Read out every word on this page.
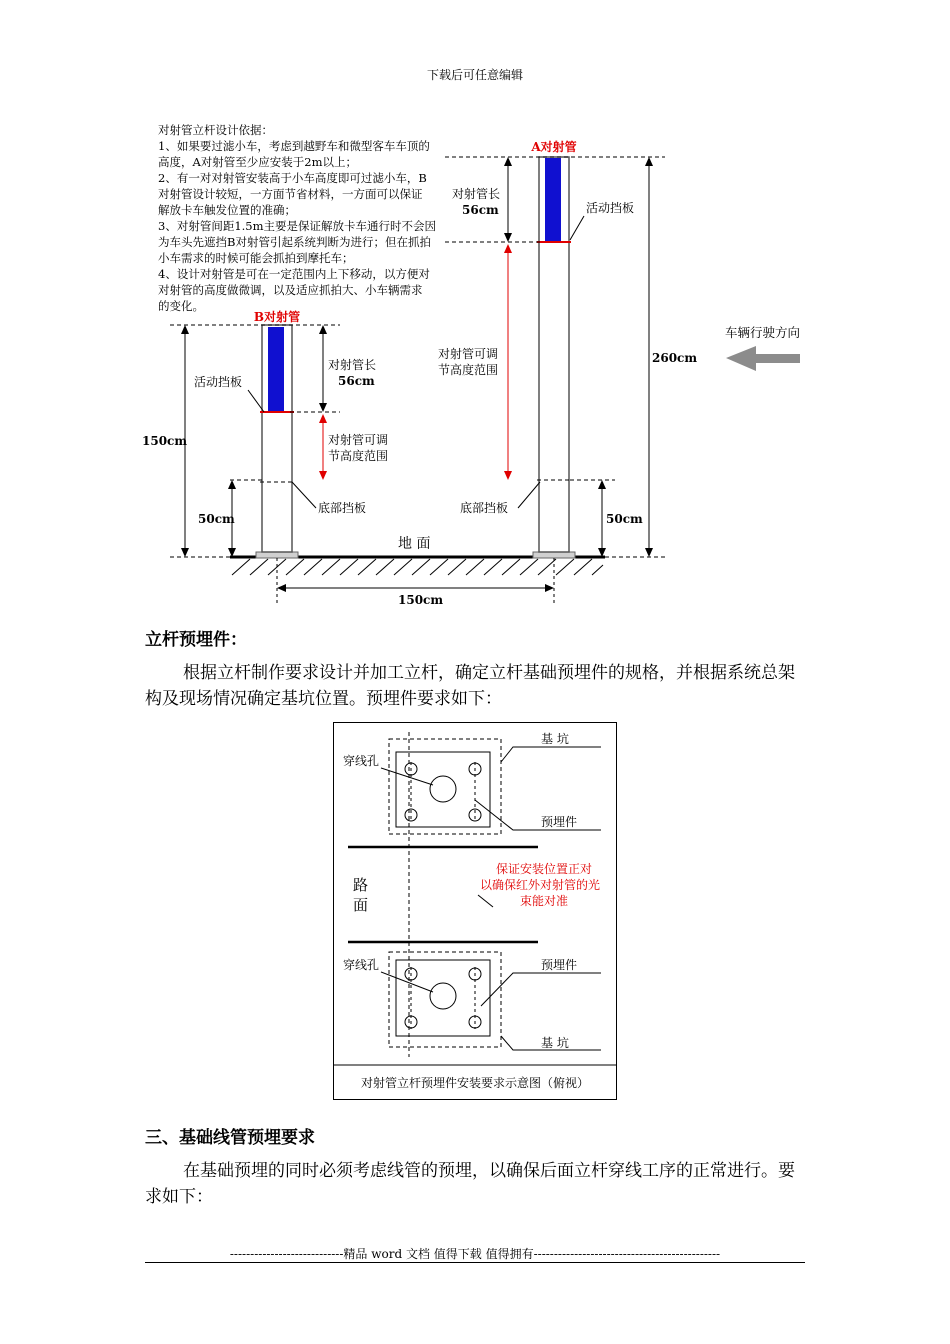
下载后可任意编辑
对射管立杆设计依据：
1、如果要过滤小车，考虑到越野车和微型客车车顶的
高度，A对射管至少应安装于2m以上；
2、有一对对射管安装高于小车高度即可过滤小车，B
对射管设计较短，一方面节省材料，一方面可以保证
解放卡车触发位置的准确；
3、对射管间距1.5m主要是保证解放卡车通行时不会因
为车头先遮挡B对射管引起系统判断为进行；但在抓拍
小车需求的时候可能会抓拍到摩托车；
4、设计对射管是可在一定范围内上下移动，以方便对
对射管的高度做微调，以及适应抓拍大、小车辆需求
的变化。
地 面
B对射管
A对射管
150cm
50cm
对射管长
56cm
对射管可调
节高度范围
活动挡板
底部挡板
对射管长
56cm
对射管可调
节高度范围
活动挡板
底部挡板
260cm
50cm
150cm
车辆行驶方向
立杆预埋件：
根据立杆制作要求设计并加工立杆，确定立杆基础预埋件的规格，并根据系统总架构及现场情况确定基坑位置。预埋件要求如下：
对射管立杆预埋件安装要求示意图（俯视）
路
面
基 坑
穿线孔
预埋件
保证安装位置正对
以确保红外对射管的光
束能对准
穿线孔	预埋件
基 坑
三、基础线管预埋要求
在基础预埋的同时必须考虑线管的预埋，以确保后面立杆穿线工序的正常进行。要求如下：
----------------------------精品 word 文档 值得下载 值得拥有----------------------------------------------
